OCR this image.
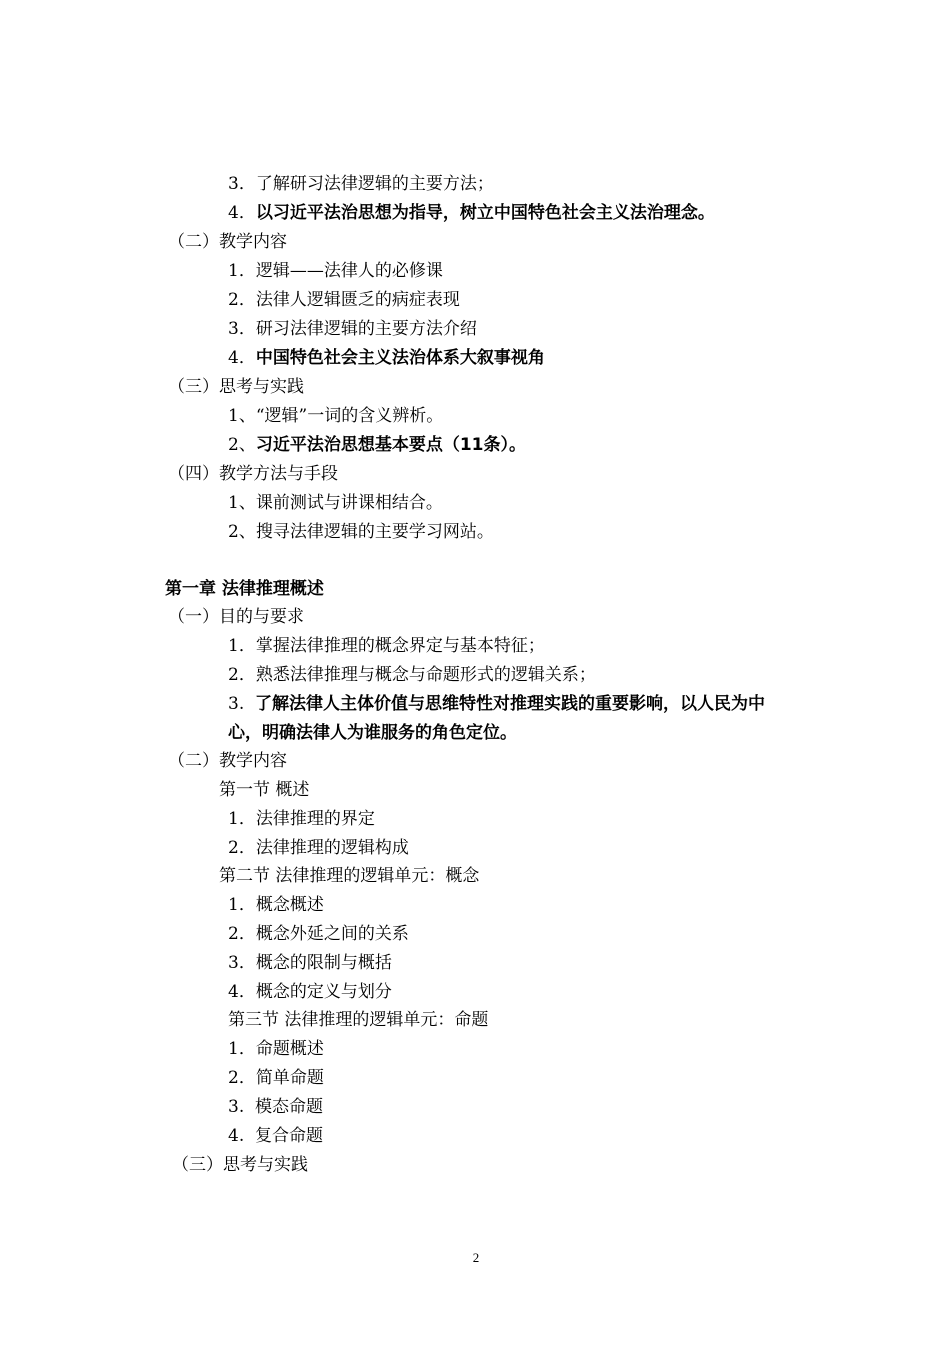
3．了解研习法律逻辑的主要方法；
4．以习近平法治思想为指导，树立中国特色社会主义法治理念。
（二）教学内容
1．逻辑——法律人的必修课
2．法律人逻辑匮乏的病症表现
3．研习法律逻辑的主要方法介绍
4．中国特色社会主义法治体系大叙事视角
（三）思考与实践
1、“逻辑”一词的含义辨析。
2、习近平法治思想基本要点（11条）。
（四）教学方法与手段
1、课前测试与讲课相结合。
2、搜寻法律逻辑的主要学习网站。
第一章 法律推理概述
（一）目的与要求
1．掌握法律推理的概念界定与基本特征；
2．熟悉法律推理与概念与命题形式的逻辑关系；
3. 了解法律人主体价值与思维特性对推理实践的重要影响，以人民为中
心，明确法律人为谁服务的角色定位。
（二）教学内容
第一节 概述
1．法律推理的界定
2．法律推理的逻辑构成
第二节 法律推理的逻辑单元：概念
1．概念概述
2．概念外延之间的关系
3．概念的限制与概括
4．概念的定义与划分
第三节 法律推理的逻辑单元：命题
1．命题概述
2．简单命题
3. 模态命题
4. 复合命题
（三）思考与实践
2
